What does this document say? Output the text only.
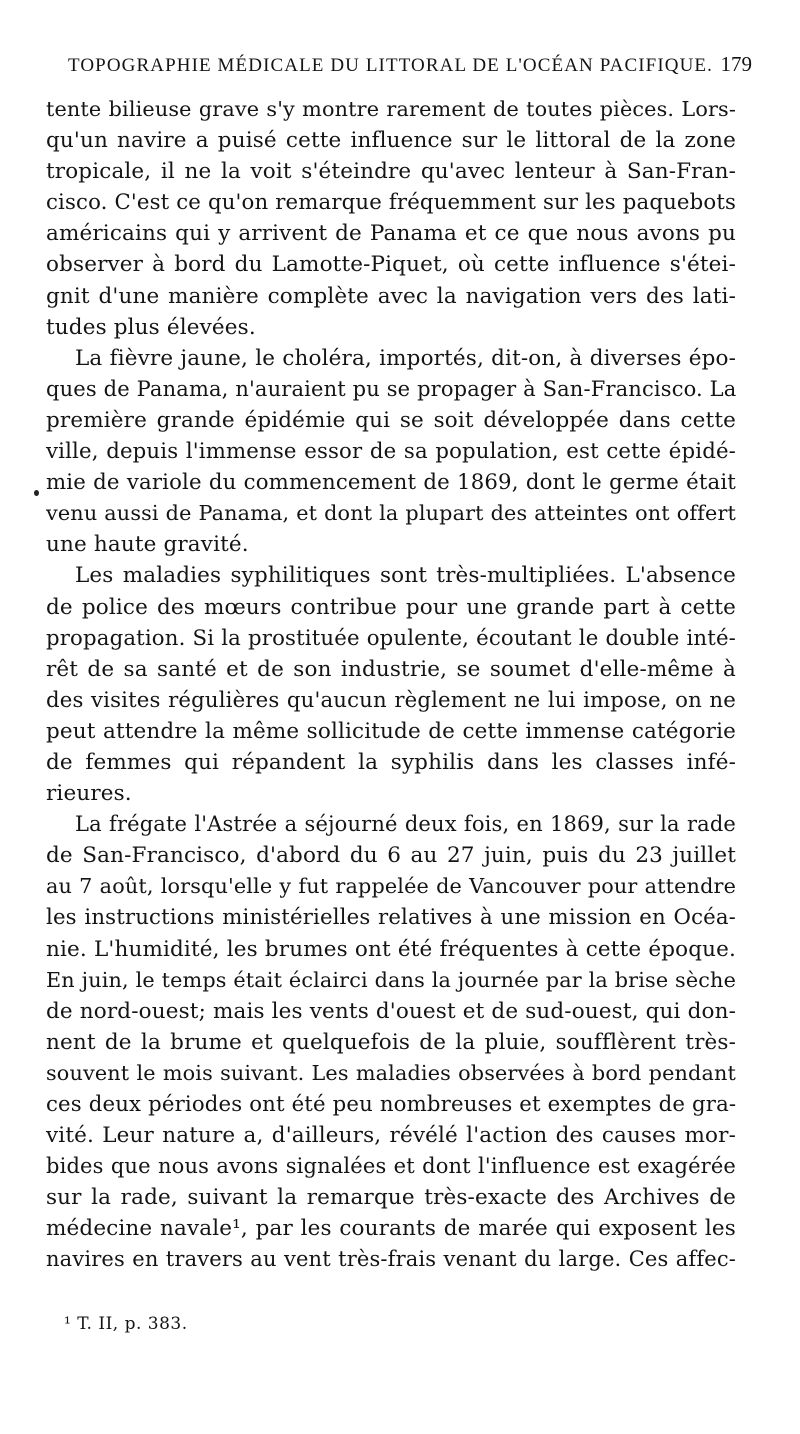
TOPOGRAPHIE MÉDICALE DU LITTORAL DE L'OCÉAN PACIFIQUE. 179
tente bilieuse grave s'y montre rarement de toutes pièces. Lors-
qu'un navire a puisé cette influence sur le littoral de la zone
tropicale, il ne la voit s'éteindre qu'avec lenteur à San-Fran-
cisco. C'est ce qu'on remarque fréquemment sur les paquebots
américains qui y arrivent de Panama et ce que nous avons pu
observer à bord du Lamotte-Piquet, où cette influence s'étei-
gnit d'une manière complète avec la navigation vers des lati-
tudes plus élevées.
La fièvre jaune, le choléra, importés, dit-on, à diverses épo-
ques de Panama, n'auraient pu se propager à San-Francisco. La
première grande épidémie qui se soit développée dans cette
ville, depuis l'immense essor de sa population, est cette épidé-
mie de variole du commencement de 1869, dont le germe était
venu aussi de Panama, et dont la plupart des atteintes ont offert
une haute gravité.
Les maladies syphilitiques sont très-multipliées. L'absence
de police des mœurs contribue pour une grande part à cette
propagation. Si la prostituée opulente, écoutant le double inté-
rêt de sa santé et de son industrie, se soumet d'elle-même à
des visites régulières qu'aucun règlement ne lui impose, on ne
peut attendre la même sollicitude de cette immense catégorie
de femmes qui répandent la syphilis dans les classes infé-
rieures.
La frégate l'Astrée a séjourné deux fois, en 1869, sur la rade
de San-Francisco, d'abord du 6 au 27 juin, puis du 23 juillet
au 7 août, lorsqu'elle y fut rappelée de Vancouver pour attendre
les instructions ministérielles relatives à une mission en Océa-
nie. L'humidité, les brumes ont été fréquentes à cette époque.
En juin, le temps était éclairci dans la journée par la brise sèche
de nord-ouest; mais les vents d'ouest et de sud-ouest, qui don-
nent de la brume et quelquefois de la pluie, soufflèrent très-
souvent le mois suivant. Les maladies observées à bord pendant
ces deux périodes ont été peu nombreuses et exemptes de gra-
vité. Leur nature a, d'ailleurs, révélé l'action des causes mor-
bides que nous avons signalées et dont l'influence est exagérée
sur la rade, suivant la remarque très-exacte des Archives de
médecine navale¹, par les courants de marée qui exposent les
navires en travers au vent très-frais venant du large. Ces affec-
¹ T. II, p. 383.
